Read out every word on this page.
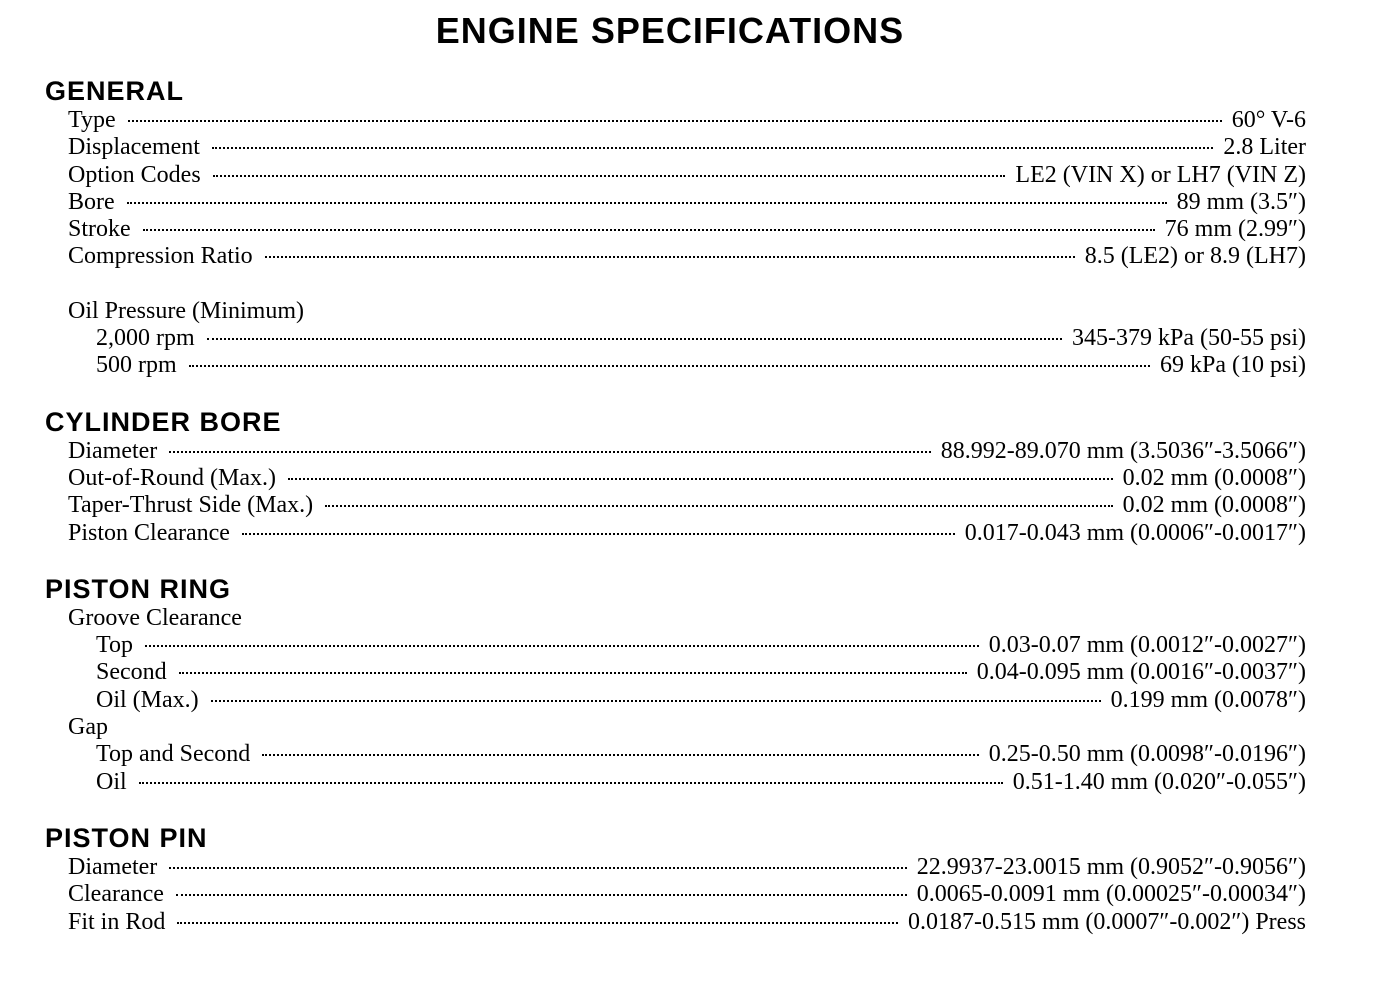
ENGINE SPECIFICATIONS
GENERAL
Type	60° V-6
Displacement	2.8 Liter
Option Codes	LE2 (VIN X) or LH7 (VIN Z)
Bore	89 mm (3.5″)
Stroke	76 mm (2.99″)
Compression Ratio	8.5 (LE2) or 8.9 (LH7)
Oil Pressure (Minimum)
2,000 rpm	345-379 kPa (50-55 psi)
500 rpm	69 kPa (10 psi)
CYLINDER BORE
Diameter	88.992-89.070 mm (3.5036″-3.5066″)
Out-of-Round (Max.)	0.02 mm (0.0008″)
Taper-Thrust Side (Max.)	0.02 mm (0.0008″)
Piston Clearance	0.017-0.043 mm (0.0006″-0.0017″)
PISTON RING
Groove Clearance
Top	0.03-0.07 mm (0.0012″-0.0027″)
Second	0.04-0.095 mm (0.0016″-0.0037″)
Oil (Max.)	0.199 mm (0.0078″)
Gap
Top and Second	0.25-0.50 mm (0.0098″-0.0196″)
Oil	0.51-1.40 mm (0.020″-0.055″)
PISTON PIN
Diameter	22.9937-23.0015 mm (0.9052″-0.9056″)
Clearance	0.0065-0.0091 mm (0.00025″-0.00034″)
Fit in Rod	0.0187-0.515 mm (0.0007″-0.002″) Press
